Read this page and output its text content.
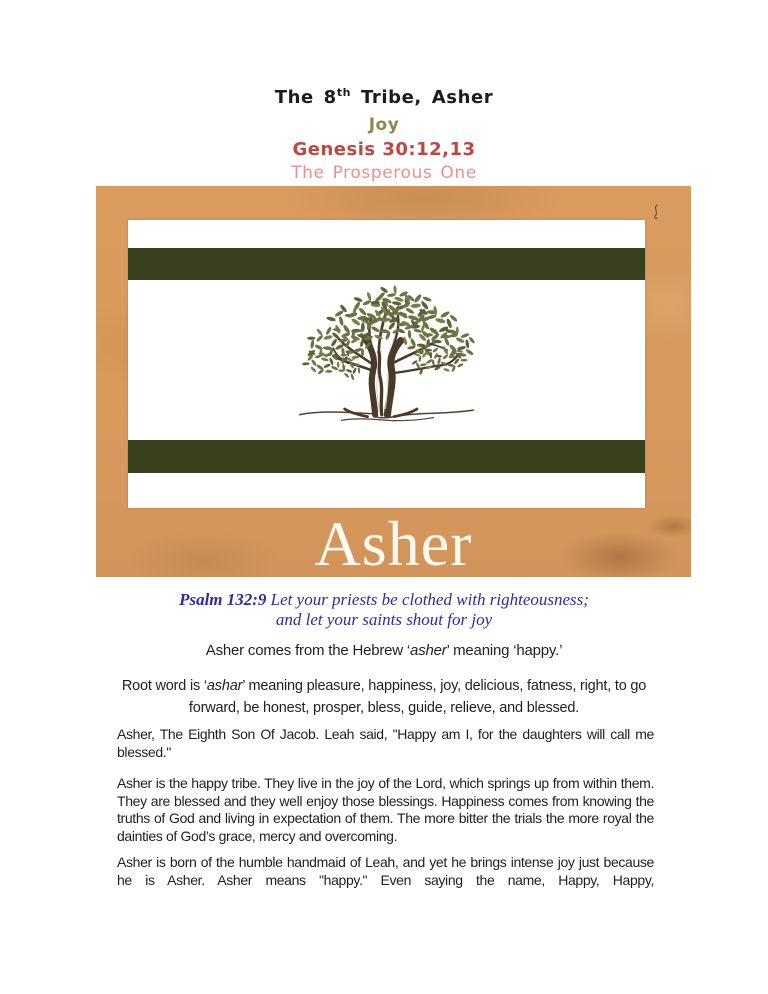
The 8th Tribe, Asher
Joy
Genesis 30:12,13
The Prosperous One
Asher
Psalm 132:9 Let your priests be clothed with righteousness;
and let your saints shout for joy

Asher comes from the Hebrew ‘asher’ meaning ‘happy.’

Root word is ‘ashar’ meaning pleasure, happiness, joy, delicious, fatness, right, to go
forward, be honest, prosper, bless, guide, relieve, and blessed.

Asher, The Eighth Son Of Jacob. Leah said, "Happy am I, for the daughters will call me blessed."

Asher is the happy tribe. They live in the joy of the Lord, which springs up from within them. They are blessed and they well enjoy those blessings. Happiness comes from knowing the truths of God and living in expectation of them. The more bitter the trials the more royal the dainties of God’s grace, mercy and overcoming.

Asher is born of the humble handmaid of Leah, and yet he brings intense joy just because he is Asher. Asher means "happy." Even saying the name, Happy, Happy,
